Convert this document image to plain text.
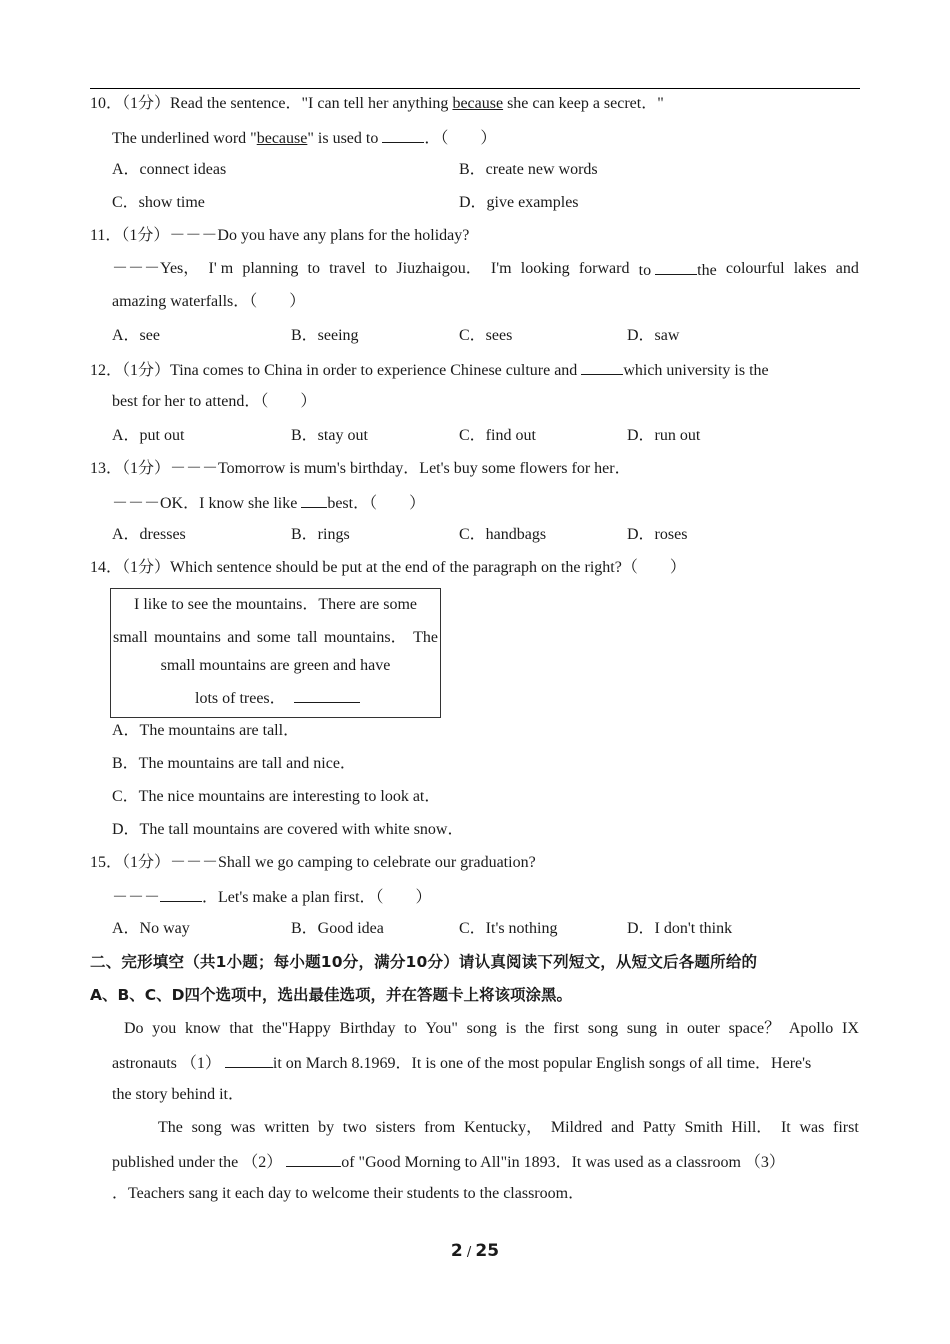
10．（1分）Read the sentence．"I can tell her anything because she can keep a secret．"
The underlined word "because" is used to	．（　　）
A．connect ideas	B．create new words
C．show time	D．give examples
11．（1分）－－－Do you have any plans for the holiday?
－－－Yes， I' m planning to travel to Jiuzhaigou． I'm looking forward to	the colourful lakes and
amazing waterfalls．（　　）
A．see	B．seeing	C．sees	D．saw
12．（1分）Tina comes to China in order to experience Chinese culture and	which university is the
best for her to attend．（　　）
A．put out	B．stay out	C．find out	D．run out
13．（1分）－－－Tomorrow is mum's birthday．Let's buy some flowers for her．
－－－OK．I know she like best．（　　）
A．dresses	B．rings	C．handbags	D．roses
14．（1分）Which sentence should be put at the end of the paragraph on the right?（　　）
I like to see the mountains．There are some
small mountains and some tall mountains． The
small mountains are green and have
lots of trees．
A．The mountains are tall．
B．The mountains are tall and nice．
C．The nice mountains are interesting to look at．
D．The tall mountains are covered with white snow．
15．（1分）－－－Shall we go camping to celebrate our graduation?
－－－	．Let's make a plan first．（　　）
A．No way	B．Good idea	C．It's nothing	D．I don't think
二、完形填空（共1小题；每小题10分，满分10分）请认真阅读下列短文，从短文后各题所给的
A、B、C、D四个选项中，选出最佳选项，并在答题卡上将该项涂黑。
Do you know that the"Happy Birthday to You" song is the first song sung in outer space？ Apollo IX
astronauts （1）	it on March 8.1969．It is one of the most popular English songs of all time．Here's
the story behind it．
The song was written by two sisters from Kentucky， Mildred and Patty Smith Hill． It was first
published under the （2）	of "Good Morning to All"in 1893．It was used as a classroom （3）
．Teachers sang it each day to welcome their students to the classroom．
2 / 25
